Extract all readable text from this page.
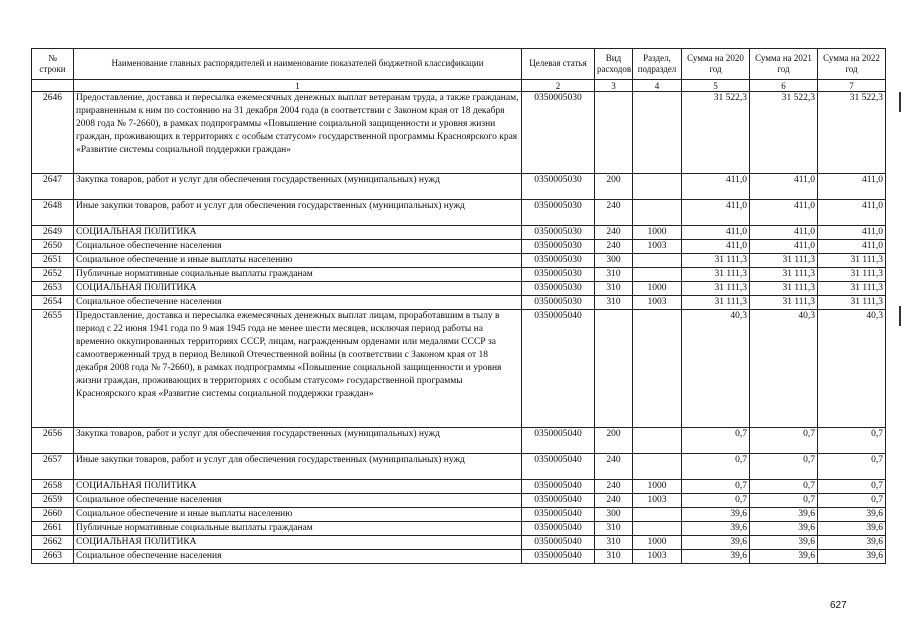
№ строки	Наименование главных распорядителей и наименование показателей бюджетной классификации	Целевая статья	Вид расходов	Раздел, подраздел	Сумма на 2020 год	Сумма на 2021 год	Сумма на 2022 год
	1	2	3	4	5	6	7
2646	Предоставление, доставка и пересылка ежемесячных денежных выплат ветеранам труда, а также гражданам, приравненным к ним по состоянию на 31 декабря 2004 года (в соответствии с Законом края от 18 декабря 2008 года № 7-2660), в рамках подпрограммы «Повышение социальной защищенности и уровня жизни граждан, проживающих в территориях с особым статусом» государственной программы Красноярского края «Развитие системы социальной поддержки граждан»	0350005030			31 522,3	31 522,3	31 522,3
2647	Закупка товаров, работ и услуг для обеспечения государственных (муниципальных) нужд	0350005030	200		411,0	411,0	411,0
2648	Иные закупки товаров, работ и услуг для обеспечения государственных (муниципальных) нужд	0350005030	240		411,0	411,0	411,0
2649	СОЦИАЛЬНАЯ ПОЛИТИКА	0350005030	240	1000	411,0	411,0	411,0
2650	Социальное обеспечение населения	0350005030	240	1003	411,0	411,0	411,0
2651	Социальное обеспечение и иные выплаты населению	0350005030	300		31 111,3	31 111,3	31 111,3
2652	Публичные нормативные социальные выплаты гражданам	0350005030	310		31 111,3	31 111,3	31 111,3
2653	СОЦИАЛЬНАЯ ПОЛИТИКА	0350005030	310	1000	31 111,3	31 111,3	31 111,3
2654	Социальное обеспечение населения	0350005030	310	1003	31 111,3	31 111,3	31 111,3
2655	Предоставление, доставка и пересылка ежемесячных денежных выплат лицам, проработавшим в тылу в период с 22 июня 1941 года по 9 мая 1945 года не менее шести месяцев, исключая период работы на временно оккупированных территориях СССР, лицам, награжденным орденами или медалями СССР за самоотверженный труд в период Великой Отечественной войны (в соответствии с Законом края от 18 декабря 2008 года № 7-2660), в рамках подпрограммы «Повышение социальной защищенности и уровня жизни граждан, проживающих в территориях с особым статусом» государственной программы Красноярского края «Развитие системы социальной поддержки граждан»	0350005040			40,3	40,3	40,3
2656	Закупка товаров, работ и услуг для обеспечения государственных (муниципальных) нужд	0350005040	200		0,7	0,7	0,7
2657	Иные закупки товаров, работ и услуг для обеспечения государственных (муниципальных) нужд	0350005040	240		0,7	0,7	0,7
2658	СОЦИАЛЬНАЯ ПОЛИТИКА	0350005040	240	1000	0,7	0,7	0,7
2659	Социальное обеспечение населения	0350005040	240	1003	0,7	0,7	0,7
2660	Социальное обеспечение и иные выплаты населению	0350005040	300		39,6	39,6	39,6
2661	Публичные нормативные социальные выплаты гражданам	0350005040	310		39,6	39,6	39,6
2662	СОЦИАЛЬНАЯ ПОЛИТИКА	0350005040	310	1000	39,6	39,6	39,6
2663	Социальное обеспечение населения	0350005040	310	1003	39,6	39,6	39,6
627
